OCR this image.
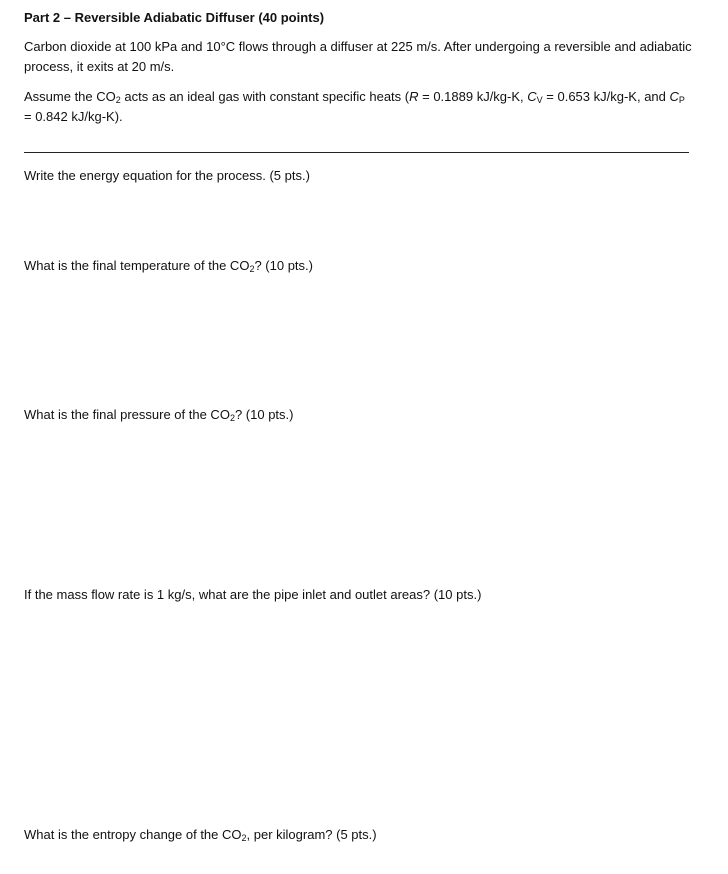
Part 2 – Reversible Adiabatic Diffuser (40 points)
Carbon dioxide at 100 kPa and 10°C flows through a diffuser at 225 m/s. After undergoing a reversible and adiabatic process, it exits at 20 m/s.
Assume the $CO_2$ acts as an ideal gas with constant specific heats (R = 0.1889 kJ/kg-K, $C_V = 0.653$ kJ/kg-K, and $C_P = 0.842$ kJ/kg-K).
Write the energy equation for the process. (5 pts.)
What is the final temperature of the $CO_2$? (10 pts.)
What is the final pressure of the $CO_2$? (10 pts.)
If the mass flow rate is 1 kg/s, what are the pipe inlet and outlet areas? (10 pts.)
What is the entropy change of the $CO_2$, per kilogram? (5 pts.)
